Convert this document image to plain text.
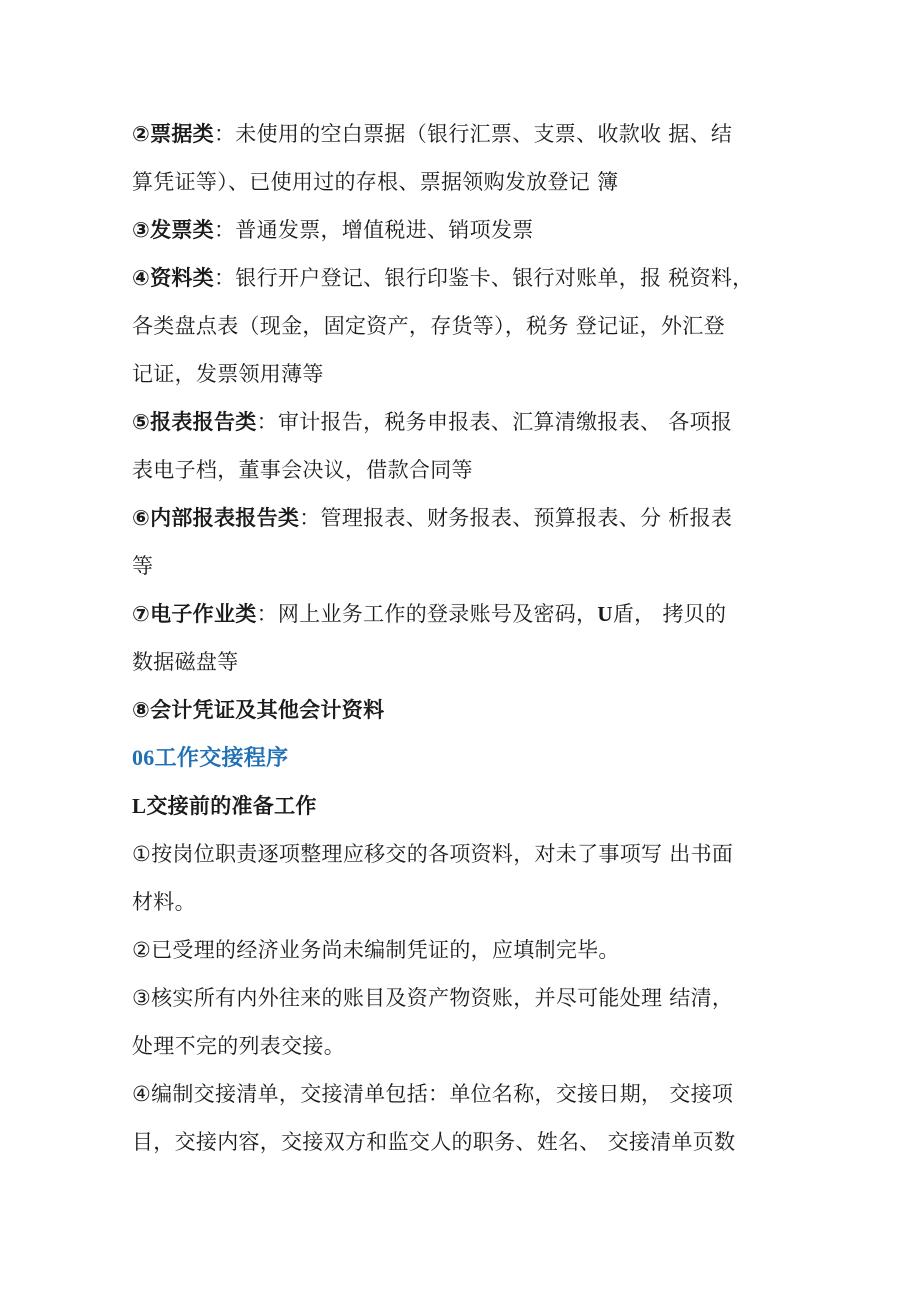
②票据类：未使用的空白票据（银行汇票、支票、收款收 据、结
算凭证等）、已使用过的存根、票据领购发放登记 簿
③发票类：普通发票，增值税进、销项发票
④资料类：银行开户登记、银行印鉴卡、银行对账单，报 税资料，
各类盘点表（现金，固定资产，存货等），税务 登记证，外汇登
记证，发票领用薄等
⑤报表报告类：审计报告，税务申报表、汇算清缴报表、 各项报
表电子档，董事会决议，借款合同等
⑥内部报表报告类：管理报表、财务报表、预算报表、分 析报表
等
⑦电子作业类：网上业务工作的登录账号及密码，U盾， 拷贝的
数据磁盘等
⑧会计凭证及其他会计资料
06工作交接程序
L交接前的准备工作
①按岗位职责逐项整理应移交的各项资料，对未了事项写 出书面
材料。
②已受理的经济业务尚未编制凭证的，应填制完毕。
③核实所有内外往来的账目及资产物资账，并尽可能处理 结清，
处理不完的列表交接。
④编制交接清单，交接清单包括：单位名称，交接日期， 交接项
目，交接内容，交接双方和监交人的职务、姓名、 交接清单页数
